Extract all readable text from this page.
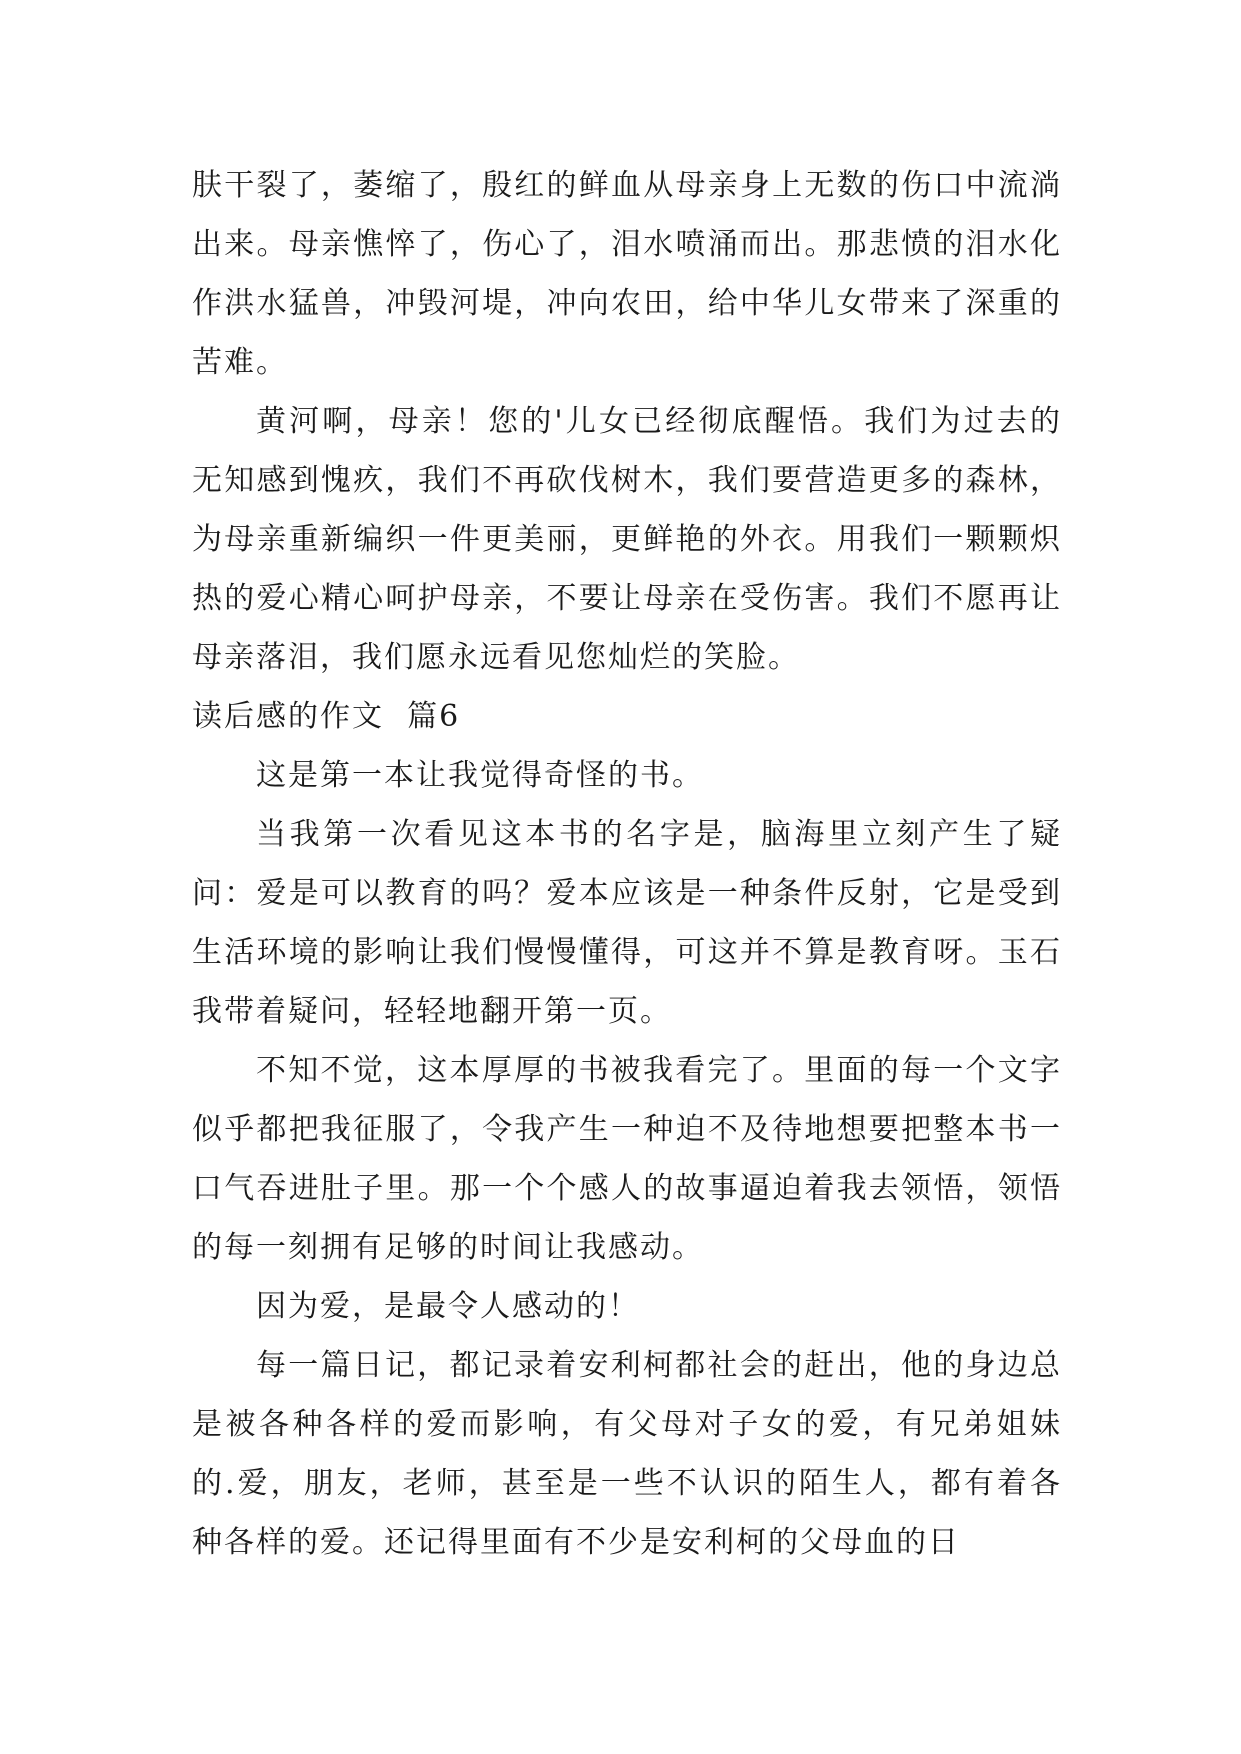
肤干裂了，萎缩了，殷红的鲜血从母亲身上无数的伤口中流淌出来。母亲憔悴了，伤心了，泪水喷涌而出。那悲愤的泪水化作洪水猛兽，冲毁河堤，冲向农田，给中华儿女带来了深重的苦难。

黄河啊，母亲！您的'儿女已经彻底醒悟。我们为过去的无知感到愧疚，我们不再砍伐树木，我们要营造更多的森林，为母亲重新编织一件更美丽，更鲜艳的外衣。用我们一颗颗炽热的爱心精心呵护母亲，不要让母亲在受伤害。我们不愿再让母亲落泪，我们愿永远看见您灿烂的笑脸。

读后感的作文  篇6

这是第一本让我觉得奇怪的书。

当我第一次看见这本书的名字是，脑海里立刻产生了疑问：爱是可以教育的吗？爱本应该是一种条件反射，它是受到生活环境的影响让我们慢慢懂得，可这并不算是教育呀。玉石我带着疑问，轻轻地翻开第一页。

不知不觉，这本厚厚的书被我看完了。里面的每一个文字似乎都把我征服了，令我产生一种迫不及待地想要把整本书一口气吞进肚子里。那一个个感人的故事逼迫着我去领悟，领悟的每一刻拥有足够的时间让我感动。

因为爱，是最令人感动的！

每一篇日记，都记录着安利柯都社会的赶出，他的身边总是被各种各样的爱而影响，有父母对子女的爱，有兄弟姐妹的.爱，朋友，老师，甚至是一些不认识的陌生人，都有着各种各样的爱。还记得里面有不少是安利柯的父母血的日
